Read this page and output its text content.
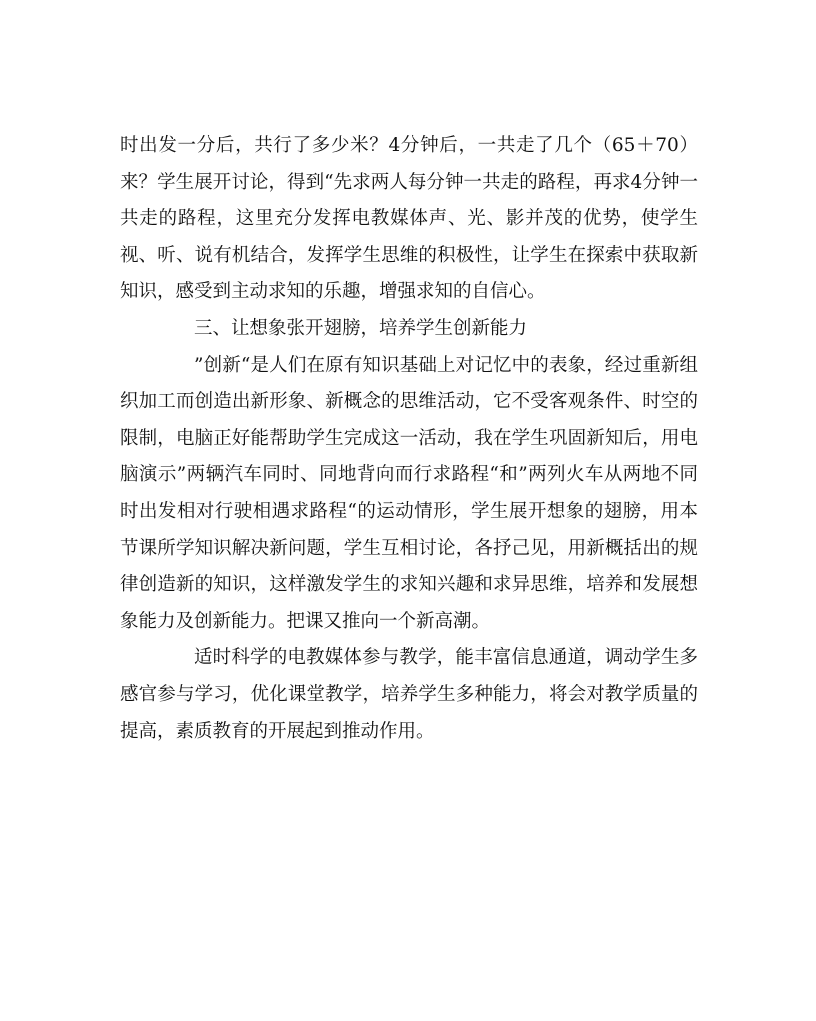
时出发一分后，共行了多少米？4分钟后，一共走了几个（65＋70）来？学生展开讨论，得到“先求两人每分钟一共走的路程，再求4分钟一共走的路程，这里充分发挥电教媒体声、光、影并茂的优势，使学生视、听、说有机结合，发挥学生思维的积极性，让学生在探索中获取新知识，感受到主动求知的乐趣，增强求知的自信心。

三、让想象张开翅膀，培养学生创新能力

”创新“是人们在原有知识基础上对记忆中的表象，经过重新组织加工而创造出新形象、新概念的思维活动，它不受客观条件、时空的限制，电脑正好能帮助学生完成这一活动，我在学生巩固新知后，用电脑演示”两辆汽车同时、同地背向而行求路程“和”两列火车从两地不同时出发相对行驶相遇求路程“的运动情形，学生展开想象的翅膀，用本节课所学知识解决新问题，学生互相讨论，各抒己见，用新概括出的规律创造新的知识，这样激发学生的求知兴趣和求异思维，培养和发展想象能力及创新能力。把课又推向一个新高潮。

适时科学的电教媒体参与教学，能丰富信息通道，调动学生多感官参与学习，优化课堂教学，培养学生多种能力，将会对教学质量的提高，素质教育的开展起到推动作用。
